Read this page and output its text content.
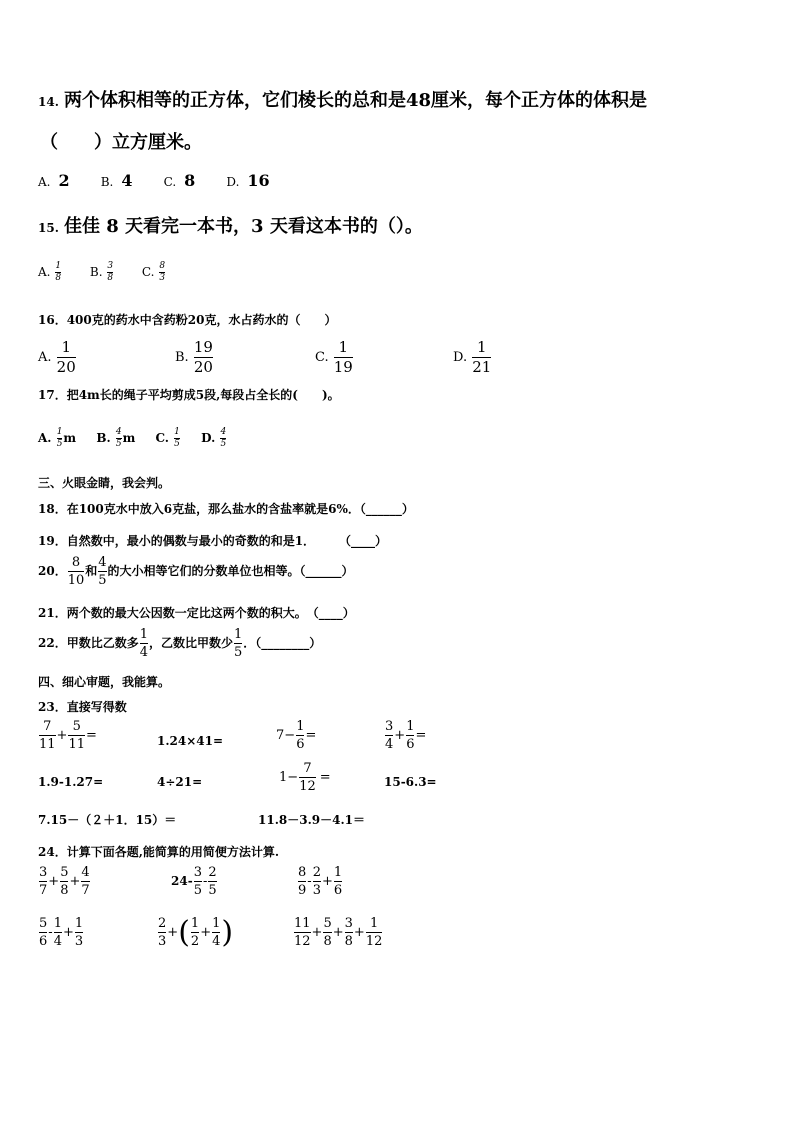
14. 两个体积相等的正方体，它们棱长的总和是48厘米，每个正方体的体积是
（　　）立方厘米。
A. 2	B. 4	C. 8	D. 16
15. 佳佳 8 天看完一本书，3 天看这本书的（）。
A. $\frac{1}{8} B$. $\frac{3}{8} C$. $\frac{8}{3}$
16．400克的药水中含药粉20克，水占药水的（　　）
A. $\frac{1}{20}$	B. $\frac{19}{20}$	C. $\frac{1}{19}$	D. $\frac{1}{21}$
17．把4m长的绳子平均剪成5段,每段占全长的(　　)。
A. $\frac{1}{5}$ m B. $\frac{4}{5}$ m C. $\frac{1}{5} D$. $\frac{4}{5}$
三、火眼金睛，我会判。
18．在100克水中放入6克盐，那么盐水的含盐率就是6%．（______）
19．自然数中，最小的偶数与最小的奇数的和是1．　　　（____）
20． $\frac{8}{10}$ 和 $\frac{4}{5}$ 的大小相等它们的分数单位也相等。（______）
21．两个数的最大公因数一定比这两个数的积大。　（____）
22．甲数比乙数多 $\frac{1}{4}$ ，乙数比甲数少 $\frac{1}{5}$ ．（________）
四、细心审题，我能算。
23．直接写得数
$\frac{7}{11} + \frac{5}{11}$ =	1.24×41=	$7- \frac{1}{6}$ =	$\frac{3}{4} + \frac{1}{6}$ =
1.9-1.27=	4÷21=	$1- \frac{7}{12}$ =	15-6.3=
7.15－（２＋1．15）＝	11.8－3.9－4.1＝
24．计算下面各题,能简算的用简便方法计算.
$\frac{3}{7} + \frac{5}{8} + \frac{4}{7}$	$24- \frac{3}{5} - \frac{2}{5}$	$\frac{8}{9} - \frac{2}{3} + \frac{1}{6}$
$\frac{5}{6} - \frac{1}{4} + \frac{1}{3}$	$\frac{2}{3}$ +( $\frac{1}{2} + \frac{1}{4}$ )	$\frac{11}{12} + \frac{5}{8} + \frac{3}{8} + \frac{1}{12}$
